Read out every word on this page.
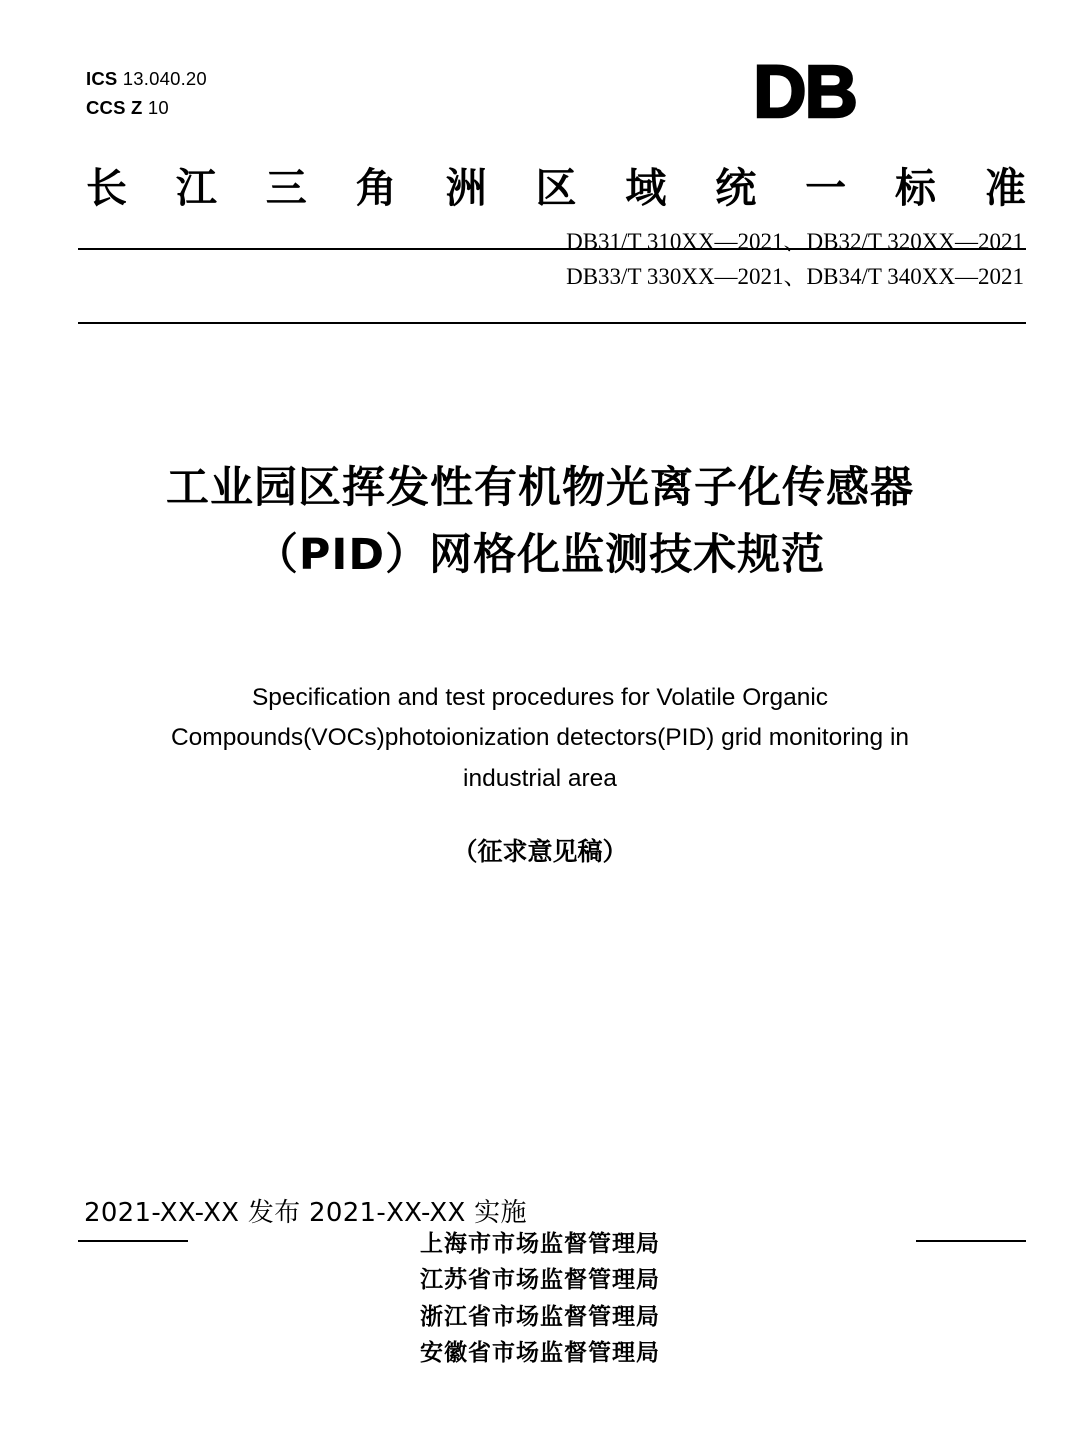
ICS 13.040.20
CCS Z 10	DB
长 江 三 角 洲 区 域 统 一 标 准
DB31/T 310XX—2021、DB32/T 320XX—2021
DB33/T 330XX—2021、DB34/T 340XX—2021
工业园区挥发性有机物光离子化传感器
（PID）网格化监测技术规范
Specification and test procedures for Volatile Organic
Compounds(VOCs)photoionization detectors(PID) grid monitoring in
industrial area
（征求意见稿）
2021-XX-XX 发布 2021-XX-XX 实施
上海市市场监督管理局
江苏省市场监督管理局
浙江省市场监督管理局
安徽省市场监督管理局
